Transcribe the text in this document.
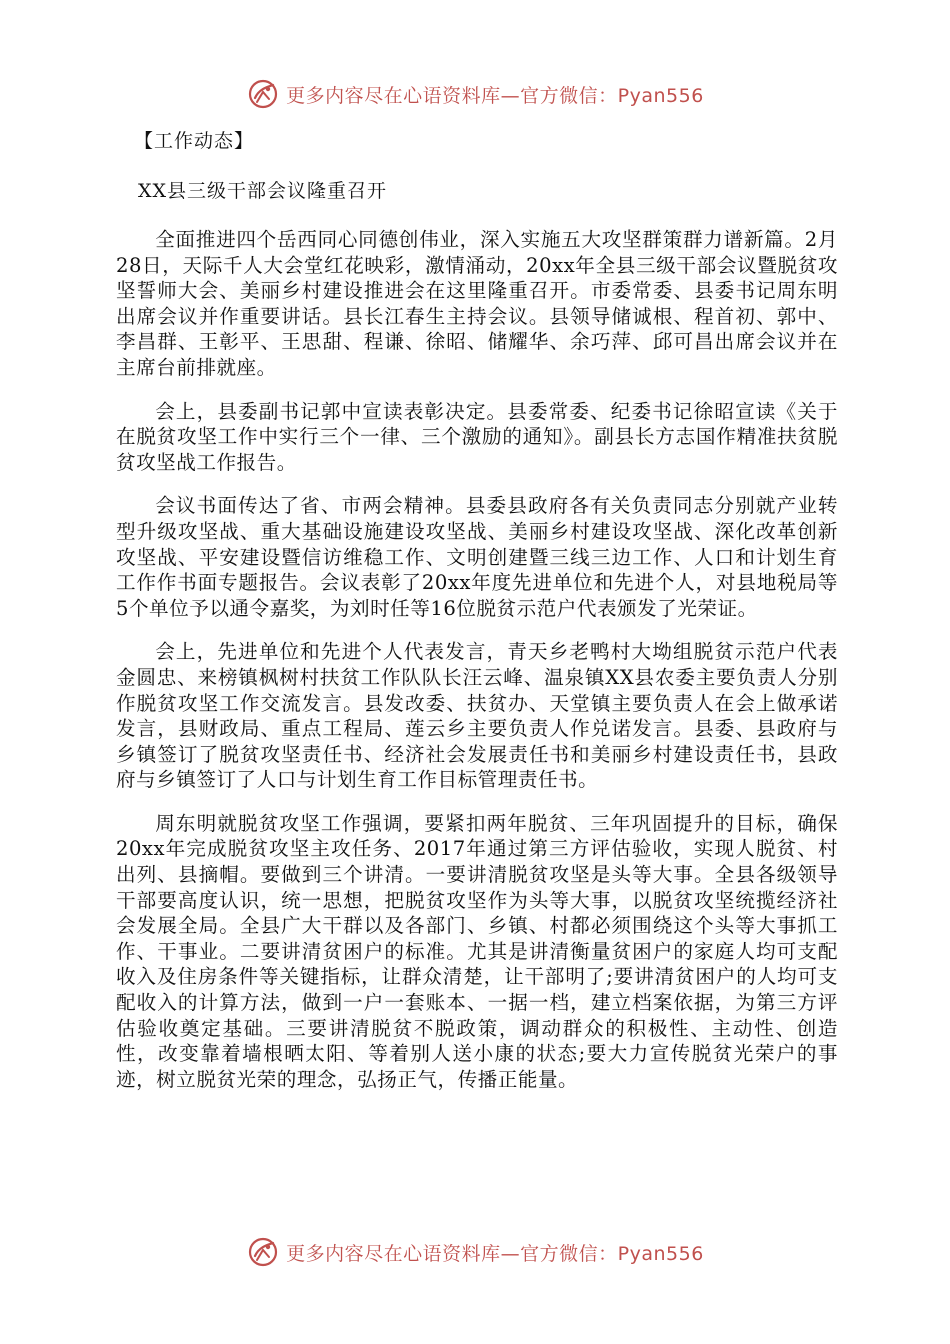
更多内容尽在心语资料库—官方微信：Pyan556
【工作动态】
XX县三级干部会议隆重召开

全面推进四个岳西同心同德创伟业，深入实施五大攻坚群策群力谱新篇。2月28日，天际千人大会堂红花映彩，激情涌动，20xx年全县三级干部会议暨脱贫攻坚誓师大会、美丽乡村建设推进会在这里隆重召开。市委常委、县委书记周东明出席会议并作重要讲话。县长江春生主持会议。县领导储诚根、程首初、郭中、李昌群、王彰平、王思甜、程谦、徐昭、储耀华、余巧萍、邱可昌出席会议并在主席台前排就座。

会上，县委副书记郭中宣读表彰决定。县委常委、纪委书记徐昭宣读《关于在脱贫攻坚工作中实行三个一律、三个激励的通知》。副县长方志国作精准扶贫脱贫攻坚战工作报告。

会议书面传达了省、市两会精神。县委县政府各有关负责同志分别就产业转型升级攻坚战、重大基础设施建设攻坚战、美丽乡村建设攻坚战、深化改革创新攻坚战、平安建设暨信访维稳工作、文明创建暨三线三边工作、人口和计划生育工作作书面专题报告。会议表彰了20xx年度先进单位和先进个人，对县地税局等5个单位予以通令嘉奖，为刘时任等16位脱贫示范户代表颁发了光荣证。

会上，先进单位和先进个人代表发言，青天乡老鸭村大坳组脱贫示范户代表金圆忠、来榜镇枫树村扶贫工作队队长汪云峰、温泉镇XX县农委主要负责人分别作脱贫攻坚工作交流发言。县发改委、扶贫办、天堂镇主要负责人在会上做承诺发言，县财政局、重点工程局、莲云乡主要负责人作兑诺发言。县委、县政府与乡镇签订了脱贫攻坚责任书、经济社会发展责任书和美丽乡村建设责任书，县政府与乡镇签订了人口与计划生育工作目标管理责任书。

周东明就脱贫攻坚工作强调，要紧扣两年脱贫、三年巩固提升的目标，确保20xx年完成脱贫攻坚主攻任务、2017年通过第三方评估验收，实现人脱贫、村出列、县摘帽。要做到三个讲清。一要讲清脱贫攻坚是头等大事。全县各级领导干部要高度认识，统一思想，把脱贫攻坚作为头等大事，以脱贫攻坚统揽经济社会发展全局。全县广大干群以及各部门、乡镇、村都必须围绕这个头等大事抓工作、干事业。二要讲清贫困户的标准。尤其是讲清衡量贫困户的家庭人均可支配收入及住房条件等关键指标，让群众清楚，让干部明了;要讲清贫困户的人均可支配收入的计算方法，做到一户一套账本、一据一档，建立档案依据，为第三方评估验收奠定基础。三要讲清脱贫不脱政策，调动群众的积极性、主动性、创造性，改变靠着墙根晒太阳、等着别人送小康的状态;要大力宣传脱贫光荣户的事迹，树立脱贫光荣的理念，弘扬正气，传播正能量。

更多内容尽在心语资料库—官方微信：Pyan556
